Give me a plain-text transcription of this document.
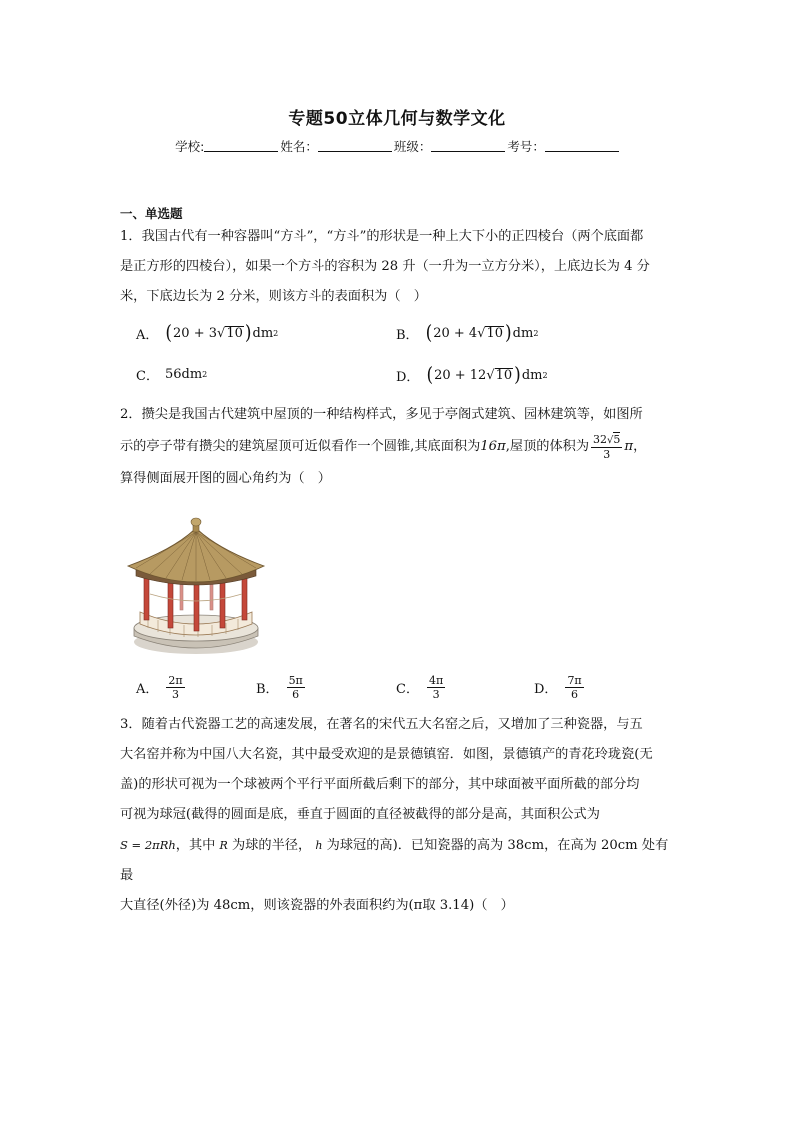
专题50立体几何与数学文化
学校:	姓名：	班级：	考号：
一、单选题

1．我国古代有一种容器叫“方斗”，“方斗”的形状是一种上大下小的正四棱台（两个底面都

是正方形的四棱台），如果一个方斗的容积为 28 升（一升为一立方分米），上底边长为 4 分

米，下底边长为 2 分米，则该方斗的表面积为（　）

A． ( 20 + 3 √ 10 ) dm 2	B． ( 20 + 4 √ 10 ) dm 2
C． 56dm 2	D． ( 20 + 12 √ 10 ) dm 2

2．攒尖是我国古代建筑中屋顶的一种结构样式，多见于亭阁式建筑、园林建筑等，如图所

示的亭子带有攒尖的建筑屋顶可近似看作一个圆锥,其底面积为16π,屋顶的体积为 $\frac{32√5}{3}$ π，

算得侧面展开图的圆心角约为（　）

A． $\frac{2\pi}{3}$	B． $\frac{5\pi}{6}$	C． $\frac{4\pi}{3}$	D． $\frac{7\pi}{6}$

3．随着古代瓷器工艺的高速发展，在著名的宋代五大名窑之后，又增加了三种瓷器，与五

大名窑并称为中国八大名瓷，其中最受欢迎的是景德镇窑．如图，景德镇产的青花玲珑瓷(无

盖)的形状可视为一个球被两个平行平面所截后剩下的部分，其中球面被平面所截的部分均

可视为球冠(截得的圆面是底，垂直于圆面的直径被截得的部分是高，其面积公式为

S = 2πRh，其中 R 为球的半径， h 为球冠的高)．已知瓷器的高为 38cm，在高为 20cm 处有最

大直径(外径)为 48cm，则该瓷器的外表面积约为(π取 3.14)（　）
